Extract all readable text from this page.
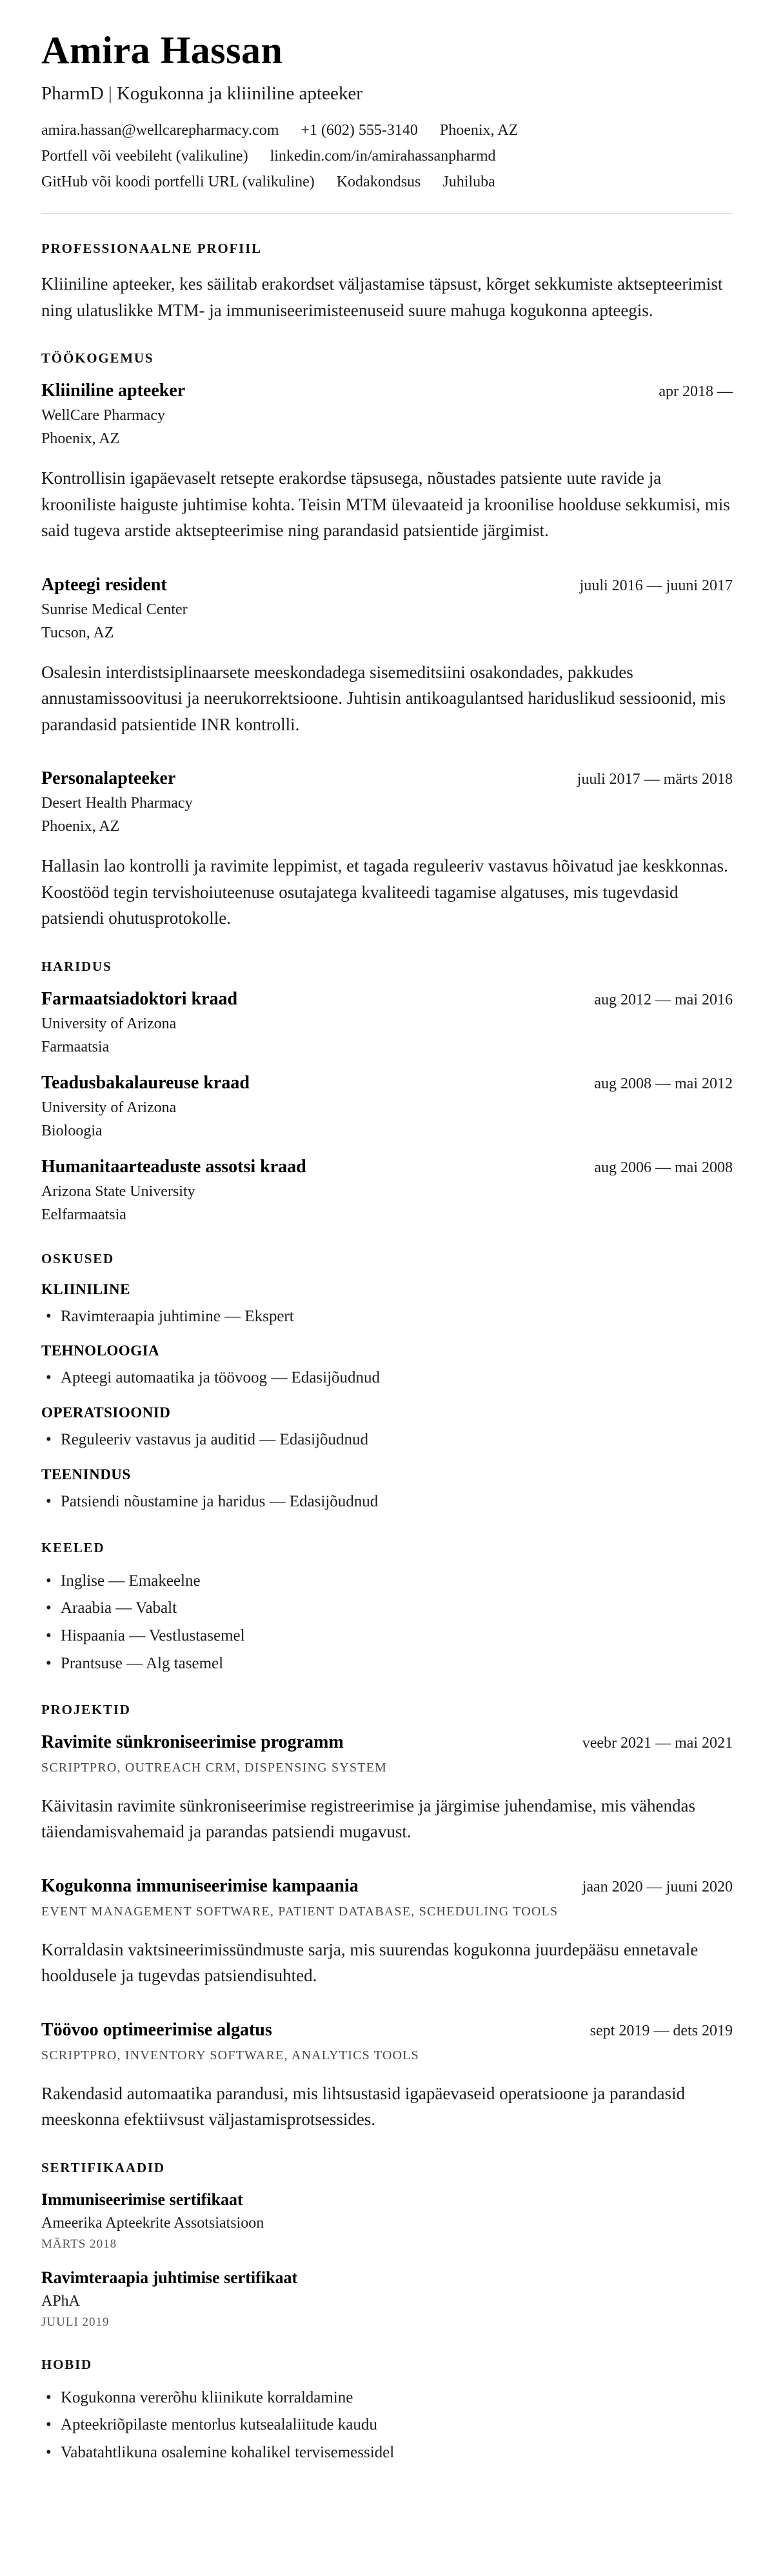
Amira Hassan
PharmD | Kogukonna ja kliiniline apteeker
amira.hassan@wellcarepharmacy.com +1 (602) 555-3140 Phoenix, AZ
Portfell või veebileht (valikuline) linkedin.com/in/amirahassanpharmd
GitHub või koodi portfelli URL (valikuline) Kodakondsus Juhiluba
PROFESSIONAALNE PROFIIL

Kliiniline apteeker, kes säilitab erakordset väljastamise täpsust, kõrget sekkumiste aktsepteerimist ning ulatuslikke MTM- ja immuniseerimisteenuseid suure mahuga kogukonna apteegis.

TÖÖKOGEMUS
Kliiniline apteeker	apr 2018 —
WellCare Pharmacy
Phoenix, AZ

Kontrollisin igapäevaselt retsepte erakordse täpsusega, nõustades patsiente uute ravide ja krooniliste haiguste juhtimise kohta. Teisin MTM ülevaateid ja kroonilise hoolduse sekkumisi, mis said tugeva arstide aktsepteerimise ning parandasid patsientide järgimist.

Apteegi resident	juuli 2016 — juuni 2017
Sunrise Medical Center
Tucson, AZ

Osalesin interdistsiplinaarsete meeskondadega sisemeditsiini osakondades, pakkudes annustamissoovitusi ja neerukorrektsioone. Juhtisin antikoagulantsed hariduslikud sessioonid, mis parandasid patsientide INR kontrolli.

Personalapteeker	juuli 2017 — märts 2018
Desert Health Pharmacy
Phoenix, AZ

Hallasin lao kontrolli ja ravimite leppimist, et tagada reguleeriv vastavus hõivatud jae keskkonnas. Koostööd tegin tervishoiuteenuse osutajatega kvaliteedi tagamise algatuses, mis tugevdasid patsiendi ohutusprotokolle.

HARIDUS
Farmaatsiadoktori kraad	aug 2012 — mai 2016
University of Arizona
Farmaatsia
Teadusbakalaureuse kraad	aug 2008 — mai 2012
University of Arizona
Bioloogia
Humanitaarteaduste assotsi kraad	aug 2006 — mai 2008
Arizona State University
Eelfarmaatsia
OSKUSED
KLIINILINE
• Ravimteraapia juhtimine — Ekspert
TEHNOLOOGIA
• Apteegi automaatika ja töövoog — Edasijõudnud
OPERATSIOONID
• Reguleeriv vastavus ja auditid — Edasijõudnud
TEENINDUS
• Patsiendi nõustamine ja haridus — Edasijõudnud
KEELED
• Inglise — Emakeelne
• Araabia — Vabalt
• Hispaania — Vestlustasemel
• Prantsuse — Alg tasemel
PROJEKTID
Ravimite sünkroniseerimise programm	veebr 2021 — mai 2021
SCRIPTPRO, OUTREACH CRM, DISPENSING SYSTEM

Käivitasin ravimite sünkroniseerimise registreerimise ja järgimise juhendamise, mis vähendas täiendamisvahemaid ja parandas patsiendi mugavust.

Kogukonna immuniseerimise kampaania	jaan 2020 — juuni 2020
EVENT MANAGEMENT SOFTWARE, PATIENT DATABASE, SCHEDULING TOOLS

Korraldasin vaktsineerimissündmuste sarja, mis suurendas kogukonna juurdepääsu ennetavale hooldusele ja tugevdas patsiendisuhted.

Töövoo optimeerimise algatus	sept 2019 — dets 2019
SCRIPTPRO, INVENTORY SOFTWARE, ANALYTICS TOOLS

Rakendasid automaatika parandusi, mis lihtsustasid igapäevaseid operatsioone ja parandasid meeskonna efektiivsust väljastamisprotsessides.

SERTIFIKAADID
Immuniseerimise sertifikaat
Ameerika Apteekrite Assotsiatsioon
MÄRTS 2018
Ravimteraapia juhtimise sertifikaat
APhA
JUULI 2019
HOBID
• Kogukonna vererõhu kliinikute korraldamine
• Apteekriõpilaste mentorlus kutsealaliitude kaudu
• Vabatahtlikuna osalemine kohalikel tervisemessidel
